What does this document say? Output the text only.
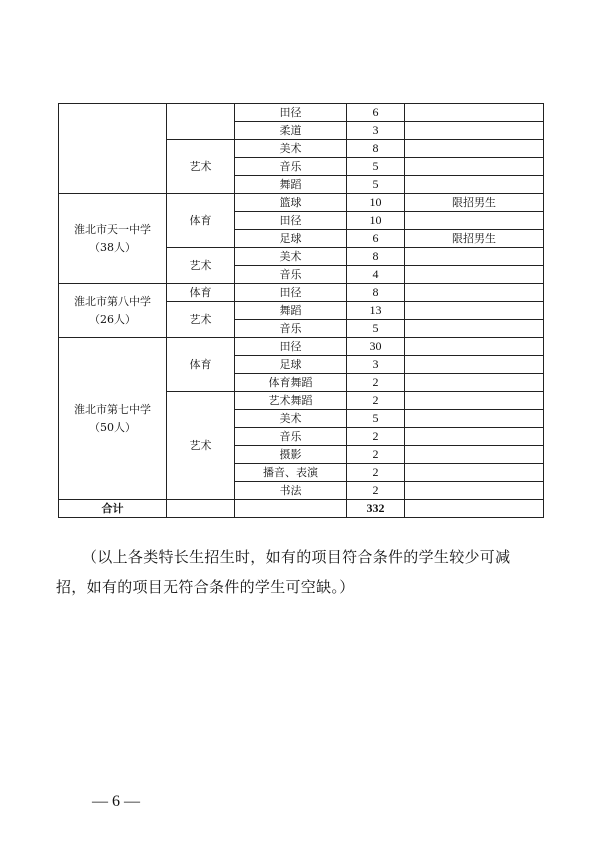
		田径	6	
		柔道	3	
	艺术	美术	8	
		音乐	5	
		舞蹈	5	
淮北市天一中学
（38人）	体育	篮球	10	限招男生
		田径	10	
		足球	6	限招男生
	艺术	美术	8	
		音乐	4	
淮北市第八中学
（26人）	体育	田径	8	
	艺术	舞蹈	13	
		音乐	5	
淮北市第七中学
（50人）	体育	田径	30	
		足球	3	
		体育舞蹈	2	
	艺术	艺术舞蹈	2	
		美术	5	
		音乐	2	
		摄影	2	
		播音、表演	2	
		书法	2	
合计			332	
（以上各类特长生招生时，如有的项目符合条件的学生较少可减
招，如有的项目无符合条件的学生可空缺。）
— 6 —
